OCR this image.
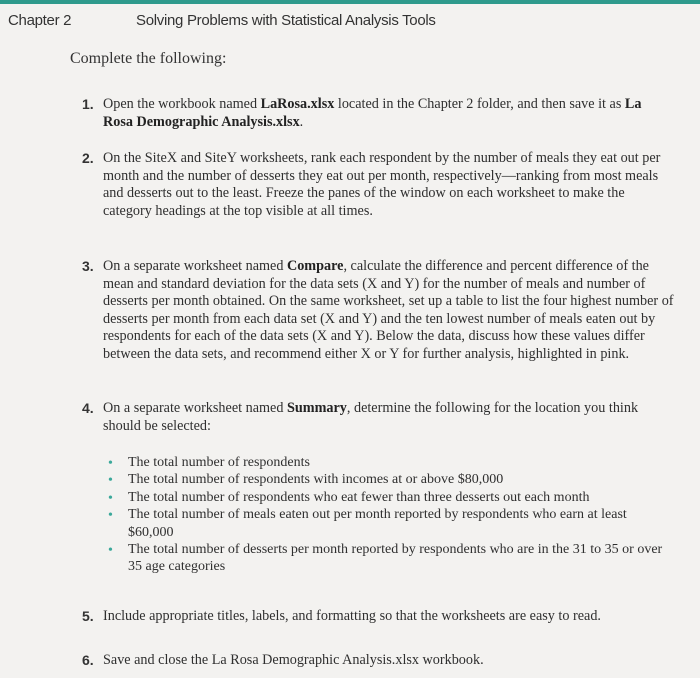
Chapter 2	Solving Problems with Statistical Analysis Tools
Complete the following:
1. Open the workbook named LaRosa.xlsx located in the Chapter 2 folder, and then save it as La Rosa Demographic Analysis.xlsx.
2. On the SiteX and SiteY worksheets, rank each respondent by the number of meals they eat out per month and the number of desserts they eat out per month, respectively—ranking from most meals and desserts out to the least. Freeze the panes of the window on each worksheet to make the category headings at the top visible at all times.
3. On a separate worksheet named Compare, calculate the difference and percent difference of the mean and standard deviation for the data sets (X and Y) for the number of meals and number of desserts per month obtained. On the same worksheet, set up a table to list the four highest number of desserts per month from each data set (X and Y) and the ten lowest number of meals eaten out by respondents for each of the data sets (X and Y). Below the data, discuss how these values differ between the data sets, and recommend either X or Y for further analysis, highlighted in pink.
4. On a separate worksheet named Summary, determine the following for the location you think should be selected:
• The total number of respondents
• The total number of respondents with incomes at or above $80,000
• The total number of respondents who eat fewer than three desserts out each month
• The total number of meals eaten out per month reported by respondents who earn at least $60,000
• The total number of desserts per month reported by respondents who are in the 31 to 35 or over 35 age categories
5. Include appropriate titles, labels, and formatting so that the worksheets are easy to read.
6. Save and close the La Rosa Demographic Analysis.xlsx workbook.
